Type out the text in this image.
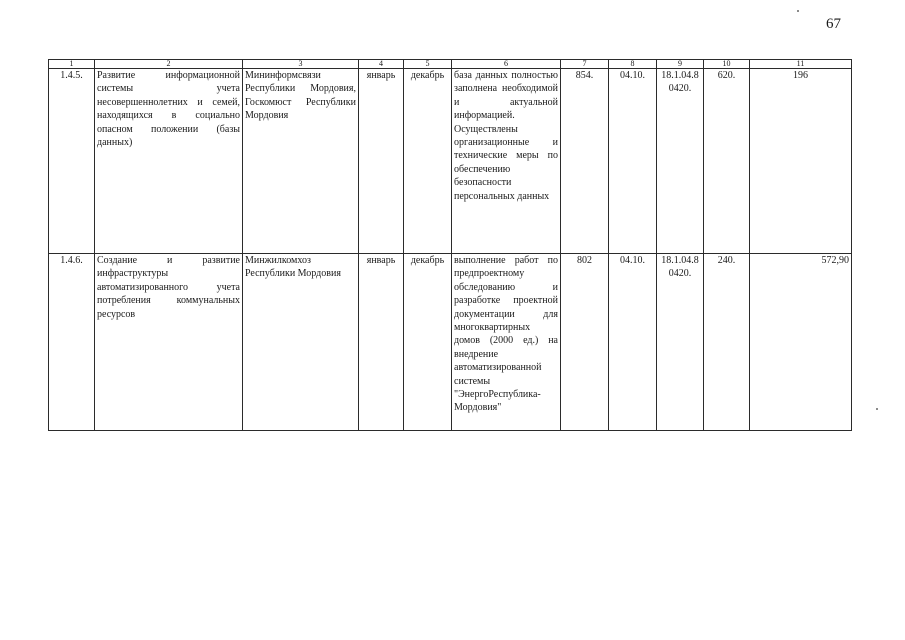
67
1	2	3	4	5	6	7	8	9	10	11
1.4.5.	Развитие информационной системы учета несовершеннолетних и семей, находящихся в социально опасном положении (базы данных)	Мининформсвязи Республики Мордовия, Госкомюст Республики Мордовия	январь	декабрь	база данных полностью заполнена необходимой и актуальной информацией. Осуществлены организационные и технические меры по обеспечению безопасности персональных данных	854.	04.10.	18.1.04.8 0420.	620.	196
1.4.6.	Создание и развитие инфраструктуры автоматизированного учета потребления коммунальных ресурсов	Минжилкомхоз Республики Мордовия	январь	декабрь	выполнение работ по предпроектному обследованию и разработке проектной документации для многоквартирных домов (2000 ед.) на внедрение автоматизированной системы "ЭнергоРеспублика-Мордовия"	802	04.10.	18.1.04.8 0420.	240.	572,90
